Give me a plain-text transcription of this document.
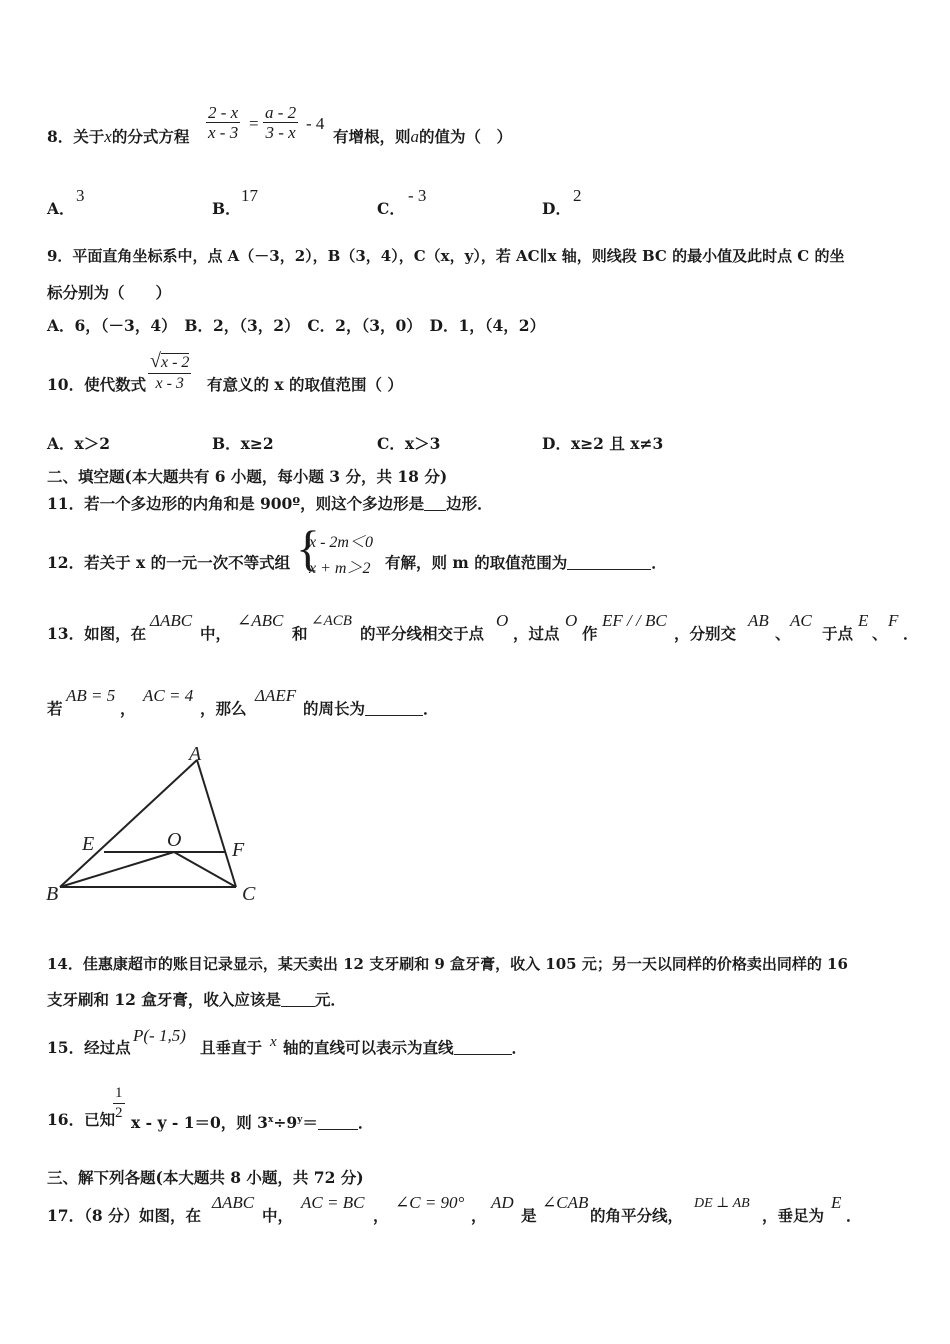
8．关于x的分式方程 $\frac{2 - x}{x - 3} = \frac{a - 2}{3 - x} - 4$
有增根，则a的值为（　）
A．
3
B．
17
C．
- 3
D．
2
9．平面直角坐标系中，点 A（－3，2），B（3，4），C（x，y），若 AC∥x 轴，则线段 BC 的最小值及此时点 C 的坐
标分别为（　　）
A．6，（－3，4）　B．2，（3，2）　C．2，（3，0）　D．1，（4，2）
10．使代数式 $\frac{√x - 2}{x - 3}$ 有意义的 x 的取值范围（ ）
A．x＞2	B．x≥2	C．x＞3	D．x≥2 且 x≠3
二、填空题(本大题共有 6 小题，每小题 3 分，共 18 分)
11．若一个多边形的内角和是 900º，则这个多边形是 边形．
12．若关于 x 的一元一次不等式组 {
x - 2m＜0
x + m＞2 有解，则 m 的取值范围为	．
13．如图，在
ΔABC
中，
∠ABC
和
∠ACB
的平分线相交于点
O
，过点
O
作
EF / / BC
，分别交
AB
、
AC
于点
E
、
F
．
若
AB = 5
，
AC = 4
，那么
ΔAEF
的周长为	．
A
B	C
E	F
O
14．佳惠康超市的账目记录显示，某天卖出 12 支牙刷和 9 盒牙膏，收入 105 元；另一天以同样的价格卖出同样的 16
支牙刷和 12 盒牙膏，收入应该是 元．
15．经过点
P(- 1,5)
且垂直于 x 轴的直线可以表示为直线	．
16．已知
$\frac{1}{2}$ x - y - 1＝0，则 $3^x\div 9^y=$	．
三、解下列各题(本大题共 8 小题，共 72 分)
17．（8 分）如图，在
ΔABC
中，
AC = BC
，
∠C = 90°
，
AD
是
∠CAB
的角平分线，
DE ⊥ AB
，垂足为
E
．
